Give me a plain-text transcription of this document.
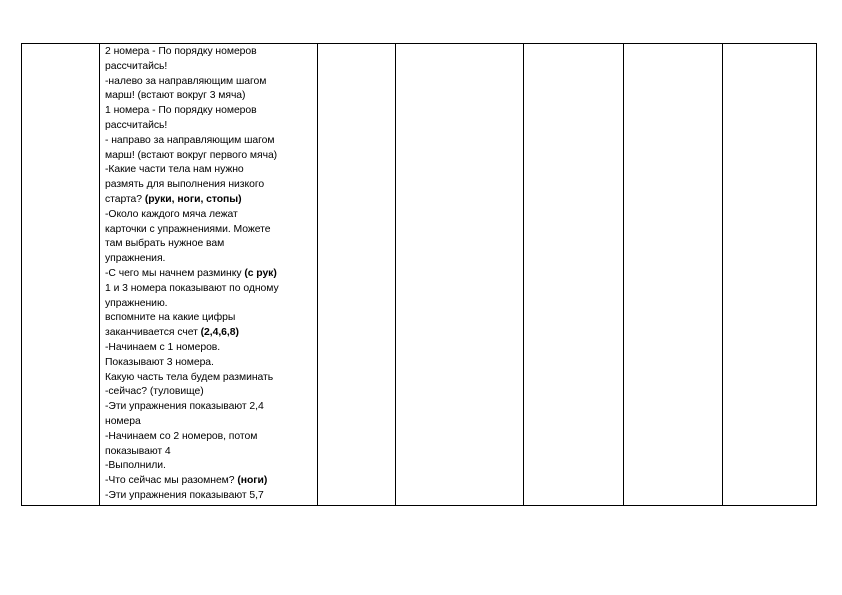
2 номера - По порядку номеров
рассчитайсь!
-налево за направляющим шагом
марш! (встают вокруг 3 мяча)
1 номера - По порядку номеров
рассчитайсь!
- направо за направляющим шагом
марш! (встают вокруг первого мяча)
-Какие части тела нам нужно
размять для выполнения низкого
старта? (руки, ноги, стопы)
-Около каждого мяча лежат
карточки с упражнениями. Можете
там выбрать нужное вам
упражнения.
-С чего мы начнем разминку (с рук)
1 и 3 номера показывают по одному
упражнению.
вспомните на какие цифры
заканчивается счет (2,4,6,8)
-Начинаем с 1 номеров.
Показывают 3 номера.
Какую часть тела будем разминать
-сейчас? (туловище)
-Эти упражнения показывают 2,4
номера
-Начинаем со 2 номеров, потом
показывают 4
-Выполнили.
-Что сейчас мы разомнем? (ноги)
-Эти упражнения показывают 5,7
